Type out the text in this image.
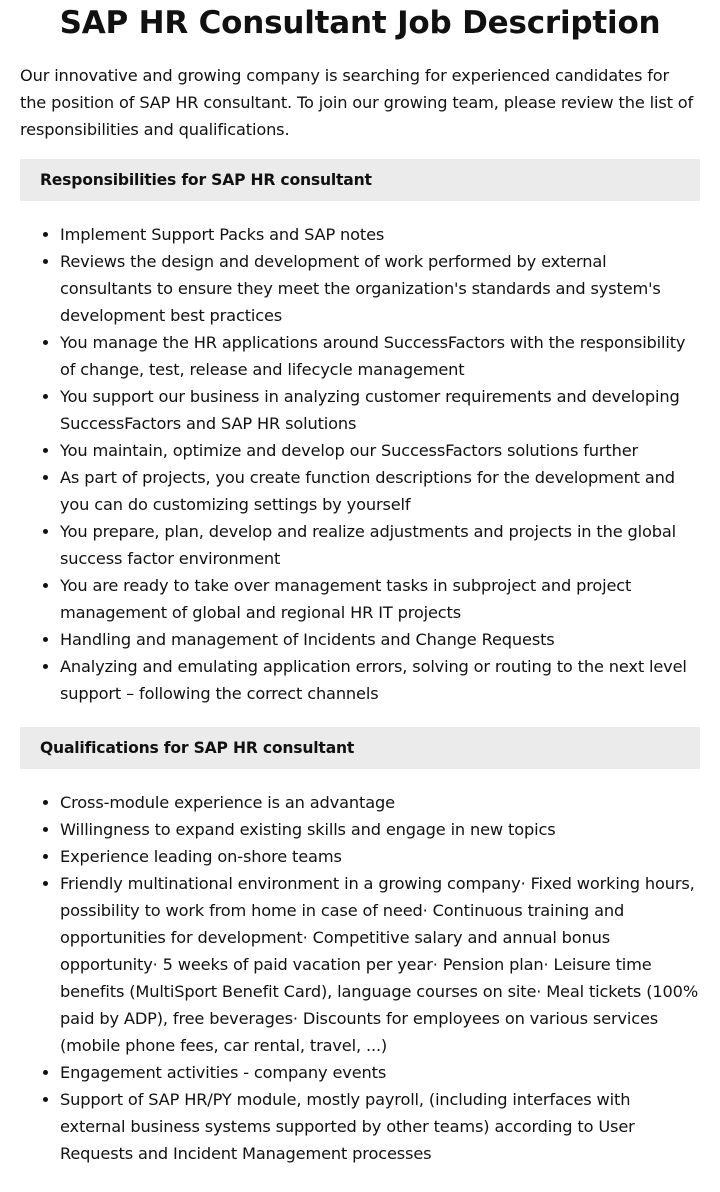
SAP HR Consultant Job Description

Our innovative and growing company is searching for experienced candidates for the position of SAP HR consultant. To join our growing team, please review the list of responsibilities and qualifications.

Responsibilities for SAP HR consultant
• Implement Support Packs and SAP notes
• Reviews the design and development of work performed by external consultants to ensure they meet the organization's standards and system's development best practices
• You manage the HR applications around SuccessFactors with the responsibility of change, test, release and lifecycle management
• You support our business in analyzing customer requirements and developing SuccessFactors and SAP HR solutions
• You maintain, optimize and develop our SuccessFactors solutions further
• As part of projects, you create function descriptions for the development and you can do customizing settings by yourself
• You prepare, plan, develop and realize adjustments and projects in the global success factor environment
• You are ready to take over management tasks in subproject and project management of global and regional HR IT projects
• Handling and management of Incidents and Change Requests
• Analyzing and emulating application errors, solving or routing to the next level support – following the correct channels
Qualifications for SAP HR consultant
• Cross-module experience is an advantage
• Willingness to expand existing skills and engage in new topics
• Experience leading on-shore teams
• Friendly multinational environment in a growing company· Fixed working hours, possibility to work from home in case of need· Continuous training and opportunities for development· Competitive salary and annual bonus opportunity· 5 weeks of paid vacation per year· Pension plan· Leisure time benefits (MultiSport Benefit Card), language courses on site· Meal tickets (100% paid by ADP), free beverages· Discounts for employees on various services (mobile phone fees, car rental, travel, ...)
• Engagement activities - company events
• Support of SAP HR/PY module, mostly payroll, (including interfaces with external business systems supported by other teams) according to User Requests and Incident Management processes
